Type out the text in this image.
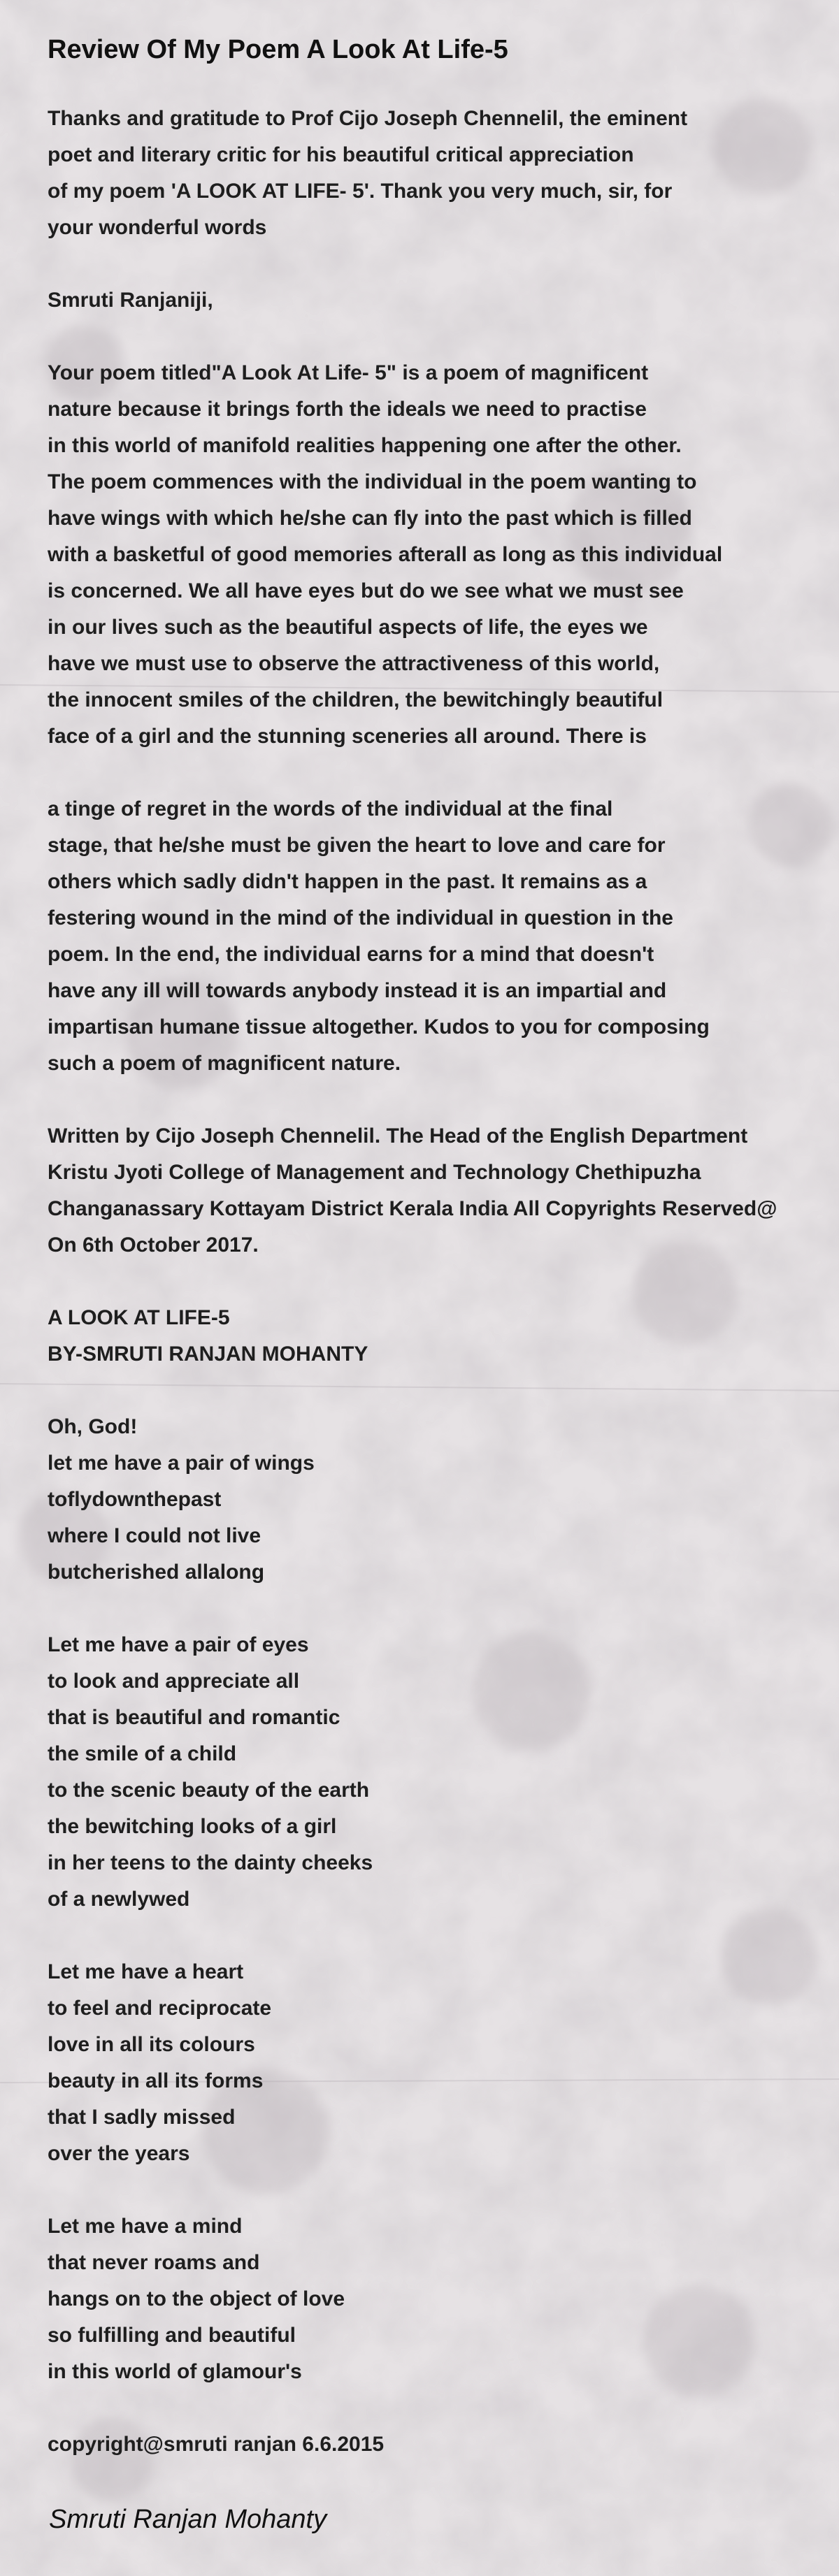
Review Of My Poem A Look At Life-5
Thanks and gratitude to Prof Cijo Joseph Chennelil, the eminent
poet and literary critic for his beautiful critical appreciation
of my poem 'A LOOK AT LIFE- 5'. Thank you very much, sir, for
your wonderful words
Smruti Ranjaniji,
Your poem titled"A Look At Life- 5" is a poem of magnificent
nature because it brings forth the ideals we need to practise
in this world of manifold realities happening one after the other.
The poem commences with the individual in the poem wanting to
have wings with which he/she can fly into the past which is filled
with a basketful of good memories afterall as long as this individual
is concerned. We all have eyes but do we see what we must see
in our lives such as the beautiful aspects of life, the eyes we
have we must use to observe the attractiveness of this world,
the innocent smiles of the children, the bewitchingly beautiful
face of a girl and the stunning sceneries all around. There is
a tinge of regret in the words of the individual at the final
stage, that he/she must be given the heart to love and care for
others which sadly didn't happen in the past. It remains as a
festering wound in the mind of the individual in question in the
poem. In the end, the individual earns for a mind that doesn't
have any ill will towards anybody instead it is an impartial and
impartisan humane tissue altogether. Kudos to you for composing
such a poem of magnificent nature.
Written by Cijo Joseph Chennelil. The Head of the English Department
Kristu Jyoti College of Management and Technology Chethipuzha
Changanassary Kottayam District Kerala India All Copyrights Reserved@
On 6th October 2017.
A LOOK AT LIFE-5
BY-SMRUTI RANJAN MOHANTY
Oh, God!
let me have a pair of wings
toflydownthepast
where I could not live
butcherished allalong
Let me have a pair of eyes
to look and appreciate all
that is beautiful and romantic
the smile of a child
to the scenic beauty of the earth
the bewitching looks of a girl
in her teens to the dainty cheeks
of a newlywed
Let me have a heart
to feel and reciprocate
love in all its colours
beauty in all its forms
that I sadly missed
over the years
Let me have a mind
that never roams and
hangs on to the object of love
so fulfilling and beautiful
in this world of glamour's
copyright@smruti ranjan 6.6.2015
Smruti Ranjan Mohanty
